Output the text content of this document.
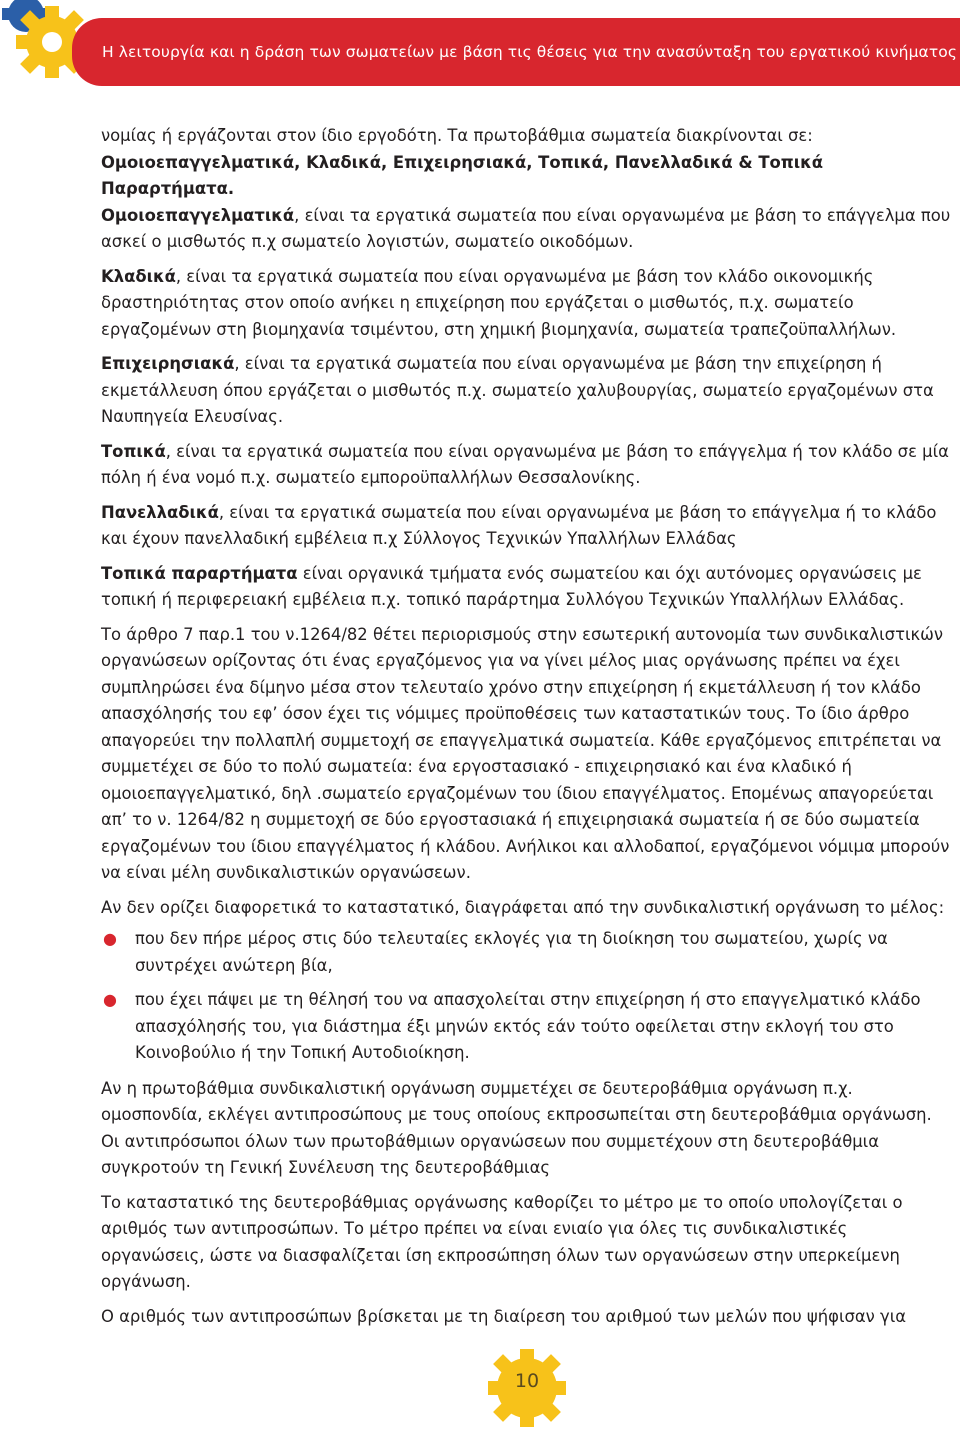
Η λειτουργία και η δράση των σωματείων με βάση τις θέσεις για την ανασύνταξη του εργατικού κινήματος

νομίας ή εργάζονται στον ίδιο εργοδότη. Τα πρωτοβάθμια σωματεία διακρίνονται σε: Ομοιοεπαγγελματικά, Κλαδικά, Επιχειρησιακά, Τοπικά, Πανελλαδικά & Τοπικά Παραρτήματα.

Ομοιοεπαγγελματικά, είναι τα εργατικά σωματεία που είναι οργανωμένα με βάση το επάγγελμα που ασκεί ο μισθωτός π.χ σωματείο λογιστών, σωματείο οικοδόμων.

Κλαδικά, είναι τα εργατικά σωματεία που είναι οργανωμένα με βάση τον κλάδο οικονομικής δραστηριότητας στον οποίο ανήκει η επιχείρηση που εργάζεται ο μισθωτός, π.χ. σωματείο εργαζομένων στη βιομηχανία τσιμέντου, στη χημική βιομηχανία, σωματεία τραπεζοϋπαλλήλων.

Επιχειρησιακά, είναι τα εργατικά σωματεία που είναι οργανωμένα με βάση την επιχείρηση ή εκμετάλλευση όπου εργάζεται ο μισθωτός π.χ. σωματείο χαλυβουργίας, σωματείο εργαζομένων στα Ναυπηγεία Ελευσίνας.

Τοπικά, είναι τα εργατικά σωματεία που είναι οργανωμένα με βάση το επάγγελμα ή τον κλάδο σε μία πόλη ή ένα νομό π.χ. σωματείο εμποροϋπαλλήλων Θεσσαλονίκης.

Πανελλαδικά, είναι τα εργατικά σωματεία που είναι οργανωμένα με βάση το επάγγελμα ή το κλάδο και έχουν πανελλαδική εμβέλεια π.χ Σύλλογος Τεχνικών Υπαλλήλων Ελλάδας

Τοπικά παραρτήματα είναι οργανικά τμήματα ενός σωματείου και όχι αυτόνομες οργανώσεις με τοπική ή περιφερειακή εμβέλεια π.χ. τοπικό παράρτημα Συλλόγου Τεχνικών Υπαλλήλων Ελλάδας.

Το άρθρο 7 παρ.1 του ν.1264/82 θέτει περιορισμούς στην εσωτερική αυτονομία των συνδικαλιστικών οργανώσεων ορίζοντας ότι ένας εργαζόμενος για να γίνει μέλος μιας οργάνωσης πρέπει να έχει συμπληρώσει ένα δίμηνο μέσα στον τελευταίο χρόνο στην επιχείρηση ή εκμετάλλευση ή τον κλάδο απασχόλησής του εφ’ όσον έχει τις νόμιμες προϋποθέσεις των καταστατικών τους. Το ίδιο άρθρο απαγορεύει την πολλαπλή συμμετοχή σε επαγγελματικά σωματεία. Κάθε εργαζόμενος επιτρέπεται να συμμετέχει σε δύο το πολύ σωματεία: ένα εργοστασιακό - επιχειρησιακό και ένα κλαδικό ή ομοιοεπαγγελματικό, δηλ .σωματείο εργαζομένων του ίδιου επαγγέλματος. Επομένως απαγορεύεται απ’ το ν. 1264/82 η συμμετοχή σε δύο εργοστασιακά ή επιχειρησιακά σωματεία ή σε δύο σωματεία εργαζομένων του ίδιου επαγγέλματος ή κλάδου. Ανήλικοι και αλλοδαποί, εργαζόμενοι νόμιμα μπορούν να είναι μέλη συνδικαλιστικών οργανώσεων.

Αν δεν ορίζει διαφορετικά το καταστατικό, διαγράφεται από την συνδικαλιστική οργάνωση το μέλος:

● που δεν πήρε μέρος στις δύο τελευταίες εκλογές για τη διοίκηση του σωματείου, χωρίς να συντρέχει ανώτερη βία,
● που έχει πάψει με τη θέλησή του να απασχολείται στην επιχείρηση ή στο επαγγελματικό κλάδο απασχόλησής του, για διάστημα έξι μηνών εκτός εάν τούτο οφείλεται στην εκλογή του στο Κοινοβούλιο ή την Τοπική Αυτοδιοίκηση.

Αν η πρωτοβάθμια συνδικαλιστική οργάνωση συμμετέχει σε δευτεροβάθμια οργάνωση π.χ. ομοσπονδία, εκλέγει αντιπροσώπους με τους οποίους εκπροσωπείται στη δευτεροβάθμια οργάνωση. Οι αντιπρόσωποι όλων των πρωτοβάθμιων οργανώσεων που συμμετέχουν στη δευτεροβάθμια συγκροτούν τη Γενική Συνέλευση της δευτεροβάθμιας

Το καταστατικό της δευτεροβάθμιας οργάνωσης καθορίζει το μέτρο με το οποίο υπολογίζεται ο αριθμός των αντιπροσώπων. Το μέτρο πρέπει να είναι ενιαίο για όλες τις συνδικαλιστικές οργανώσεις, ώστε να διασφαλίζεται ίση εκπροσώπηση όλων των οργανώσεων στην υπερκείμενη οργάνωση.

Ο αριθμός των αντιπροσώπων βρίσκεται με τη διαίρεση του αριθμού των μελών που ψήφισαν για

10
